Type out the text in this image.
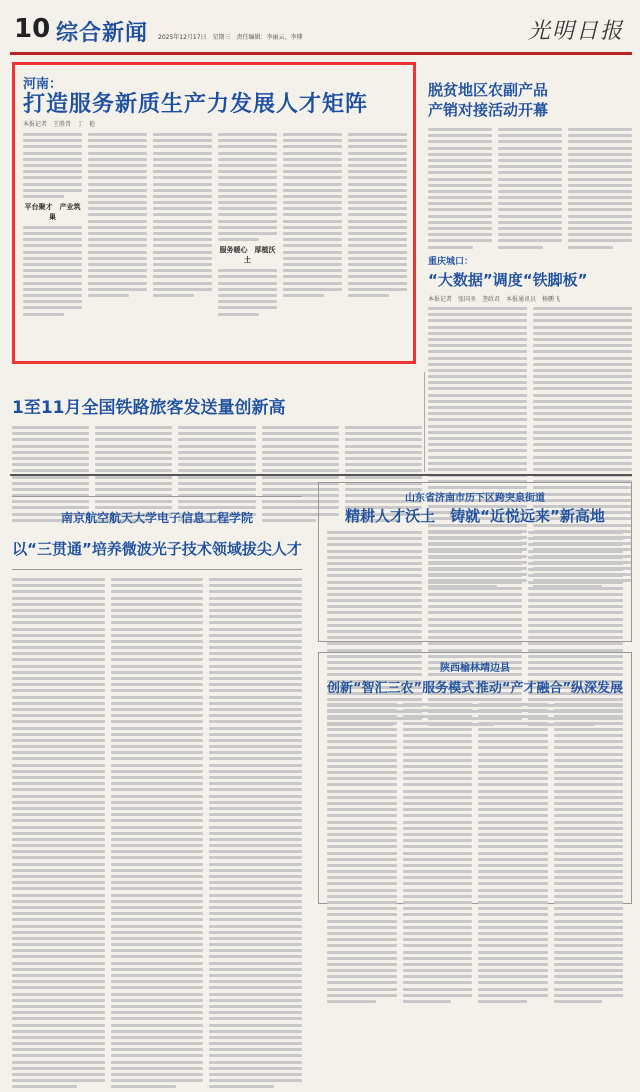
10 综合新闻 2025年12月17日　星期三　责任编辑：李丽云、李博	光明日报
河南：
打造服务新质生产力发展人才矩阵
本报记者　王胜昔　丁　艳
平台聚才　产业筑巢
服务暖心　厚植沃土
脱贫地区农副产品
产销对接活动开幕
重庆城口：
“大数据”调度“铁脚板”
本报记者　张国圣　垄政君　本报通讯员　杨鹏飞
1至11月全国铁路旅客发送量创新高
南京航空航天大学电子信息工程学院
以“三贯通”培养微波光子技术领域拔尖人才
山东省济南市历下区跨突泉街道
精耕人才沃土　铸就“近悦远来”新高地
陕西榆林靖边县
创新“智汇三农”服务模式 推动“产才融合”纵深发展
